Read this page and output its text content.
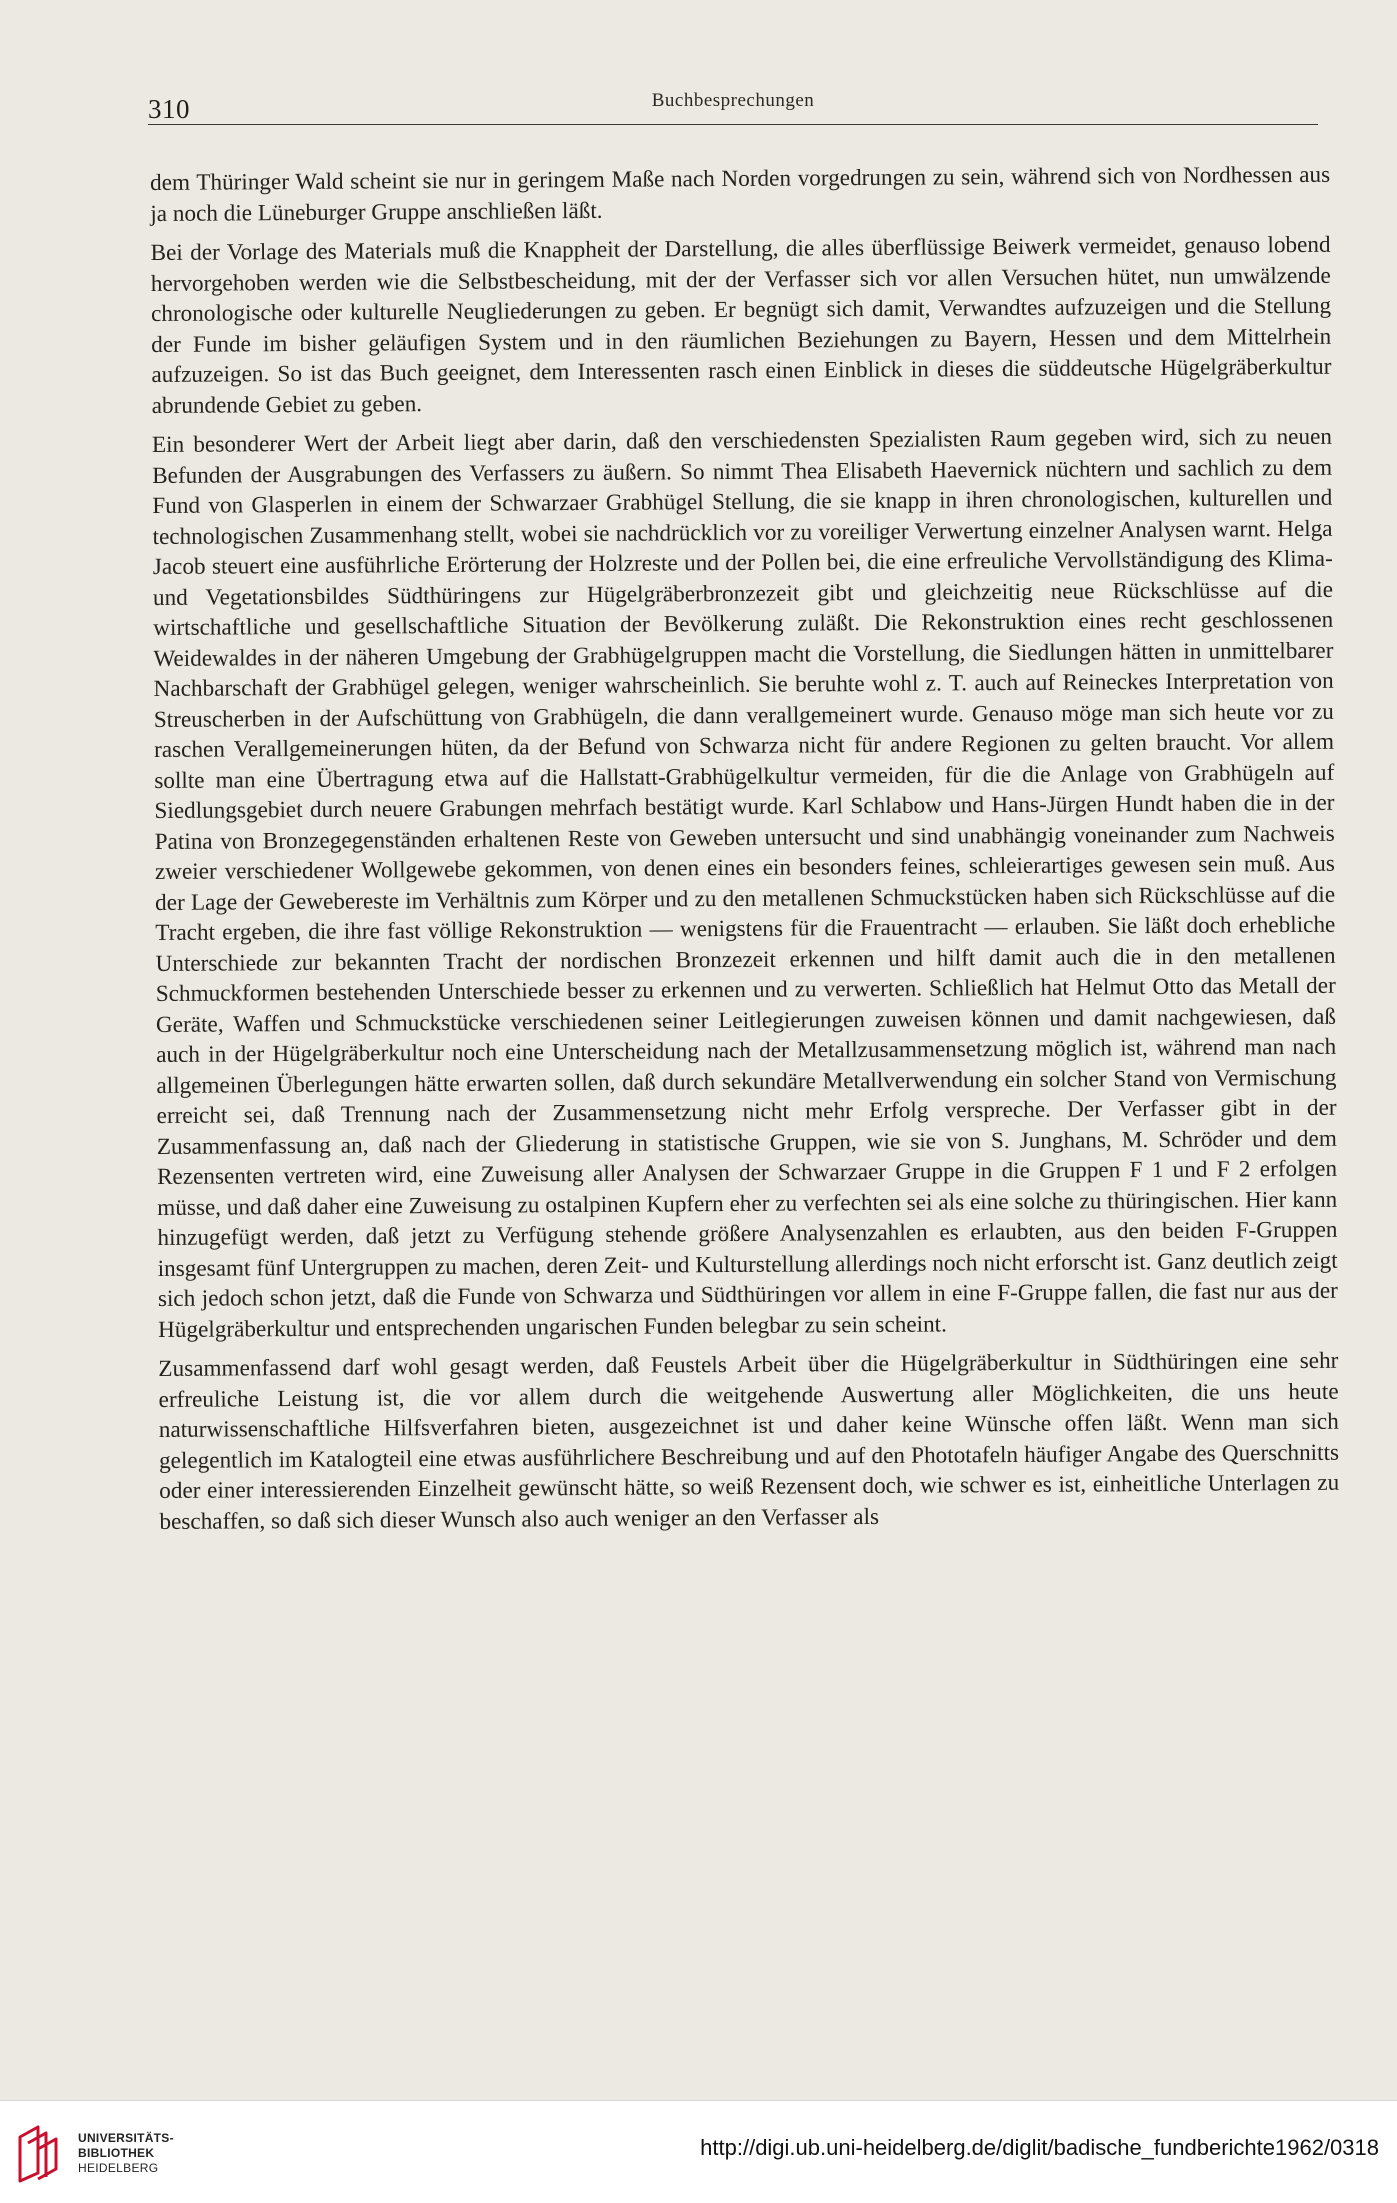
310	Buchbesprechungen

dem Thüringer Wald scheint sie nur in geringem Maße nach Norden vorgedrungen zu sein, während sich von Nordhessen aus ja noch die Lüneburger Gruppe anschließen läßt.

Bei der Vorlage des Materials muß die Knappheit der Darstellung, die alles überflüssige Beiwerk vermeidet, genauso lobend hervorgehoben werden wie die Selbstbescheidung, mit der der Verfasser sich vor allen Versuchen hütet, nun umwälzende chronologische oder kulturelle Neugliederungen zu geben. Er begnügt sich damit, Verwandtes aufzuzeigen und die Stellung der Funde im bisher geläufigen System und in den räumlichen Beziehungen zu Bayern, Hessen und dem Mittelrhein aufzuzeigen. So ist das Buch geeignet, dem Interessenten rasch einen Einblick in dieses die süddeutsche Hügelgräberkultur abrundende Gebiet zu geben.

Ein besonderer Wert der Arbeit liegt aber darin, daß den verschiedensten Spezialisten Raum gegeben wird, sich zu neuen Befunden der Ausgrabungen des Verfassers zu äußern. So nimmt Thea Elisabeth Haevernick nüchtern und sachlich zu dem Fund von Glasperlen in einem der Schwarzaer Grabhügel Stellung, die sie knapp in ihren chronologischen, kulturellen und technologischen Zusammenhang stellt, wobei sie nachdrücklich vor zu voreiliger Verwertung einzelner Analysen warnt. Helga Jacob steuert eine ausführliche Erörterung der Holzreste und der Pollen bei, die eine erfreuliche Vervollständigung des Klima- und Vegetationsbildes Südthüringens zur Hügelgräberbronzezeit gibt und gleichzeitig neue Rückschlüsse auf die wirtschaftliche und gesellschaftliche Situation der Bevölkerung zuläßt. Die Rekonstruktion eines recht geschlossenen Weidewaldes in der näheren Umgebung der Grabhügelgruppen macht die Vorstellung, die Siedlungen hätten in unmittelbarer Nachbarschaft der Grabhügel gelegen, weniger wahrscheinlich. Sie beruhte wohl z. T. auch auf Reineckes Interpretation von Streuscherben in der Aufschüttung von Grabhügeln, die dann verallgemeinert wurde. Genauso möge man sich heute vor zu raschen Verallgemeinerungen hüten, da der Befund von Schwarza nicht für andere Regionen zu gelten braucht. Vor allem sollte man eine Übertragung etwa auf die Hallstatt-Grabhügelkultur vermeiden, für die die Anlage von Grabhügeln auf Siedlungsgebiet durch neuere Grabungen mehrfach bestätigt wurde. Karl Schlabow und Hans-Jürgen Hundt haben die in der Patina von Bronzegegenständen erhaltenen Reste von Geweben untersucht und sind unabhängig voneinander zum Nachweis zweier verschiedener Wollgewebe gekommen, von denen eines ein besonders feines, schleierartiges gewesen sein muß. Aus der Lage der Gewebereste im Verhältnis zum Körper und zu den metallenen Schmuckstücken haben sich Rückschlüsse auf die Tracht ergeben, die ihre fast völlige Rekonstruktion — wenigstens für die Frauentracht — erlauben. Sie läßt doch erhebliche Unterschiede zur bekannten Tracht der nordischen Bronzezeit erkennen und hilft damit auch die in den metallenen Schmuckformen bestehenden Unterschiede besser zu erkennen und zu verwerten. Schließlich hat Helmut Otto das Metall der Geräte, Waffen und Schmuckstücke verschiedenen seiner Leitlegierungen zuweisen können und damit nachgewiesen, daß auch in der Hügelgräberkultur noch eine Unterscheidung nach der Metallzusammensetzung möglich ist, während man nach allgemeinen Überlegungen hätte erwarten sollen, daß durch sekundäre Metallverwendung ein solcher Stand von Vermischung erreicht sei, daß Trennung nach der Zusammensetzung nicht mehr Erfolg verspreche. Der Verfasser gibt in der Zusammenfassung an, daß nach der Gliederung in statistische Gruppen, wie sie von S. Junghans, M. Schröder und dem Rezensenten vertreten wird, eine Zuweisung aller Analysen der Schwarzaer Gruppe in die Gruppen F 1 und F 2 erfolgen müsse, und daß daher eine Zuweisung zu ostalpinen Kupfern eher zu verfechten sei als eine solche zu thüringischen. Hier kann hinzugefügt werden, daß jetzt zu Verfügung stehende größere Analysenzahlen es erlaubten, aus den beiden F-Gruppen insgesamt fünf Untergruppen zu machen, deren Zeit- und Kulturstellung allerdings noch nicht erforscht ist. Ganz deutlich zeigt sich jedoch schon jetzt, daß die Funde von Schwarza und Südthüringen vor allem in eine F-Gruppe fallen, die fast nur aus der Hügelgräberkultur und entsprechenden ungarischen Funden belegbar zu sein scheint.

Zusammenfassend darf wohl gesagt werden, daß Feustels Arbeit über die Hügelgräberkultur in Südthüringen eine sehr erfreuliche Leistung ist, die vor allem durch die weitgehende Auswertung aller Möglichkeiten, die uns heute naturwissenschaftliche Hilfsverfahren bieten, ausgezeichnet ist und daher keine Wünsche offen läßt. Wenn man sich gelegentlich im Katalogteil eine etwas ausführlichere Beschreibung und auf den Phototafeln häufiger Angabe des Querschnitts oder einer interessierenden Einzelheit gewünscht hätte, so weiß Rezensent doch, wie schwer es ist, einheitliche Unterlagen zu beschaffen, so daß sich dieser Wunsch also auch weniger an den Verfasser als

UNIVERSITÄTS-
BIBLIOTHEK
HEIDELBERG
http://digi.ub.uni-heidelberg.de/diglit/badische_fundberichte1962/0318
